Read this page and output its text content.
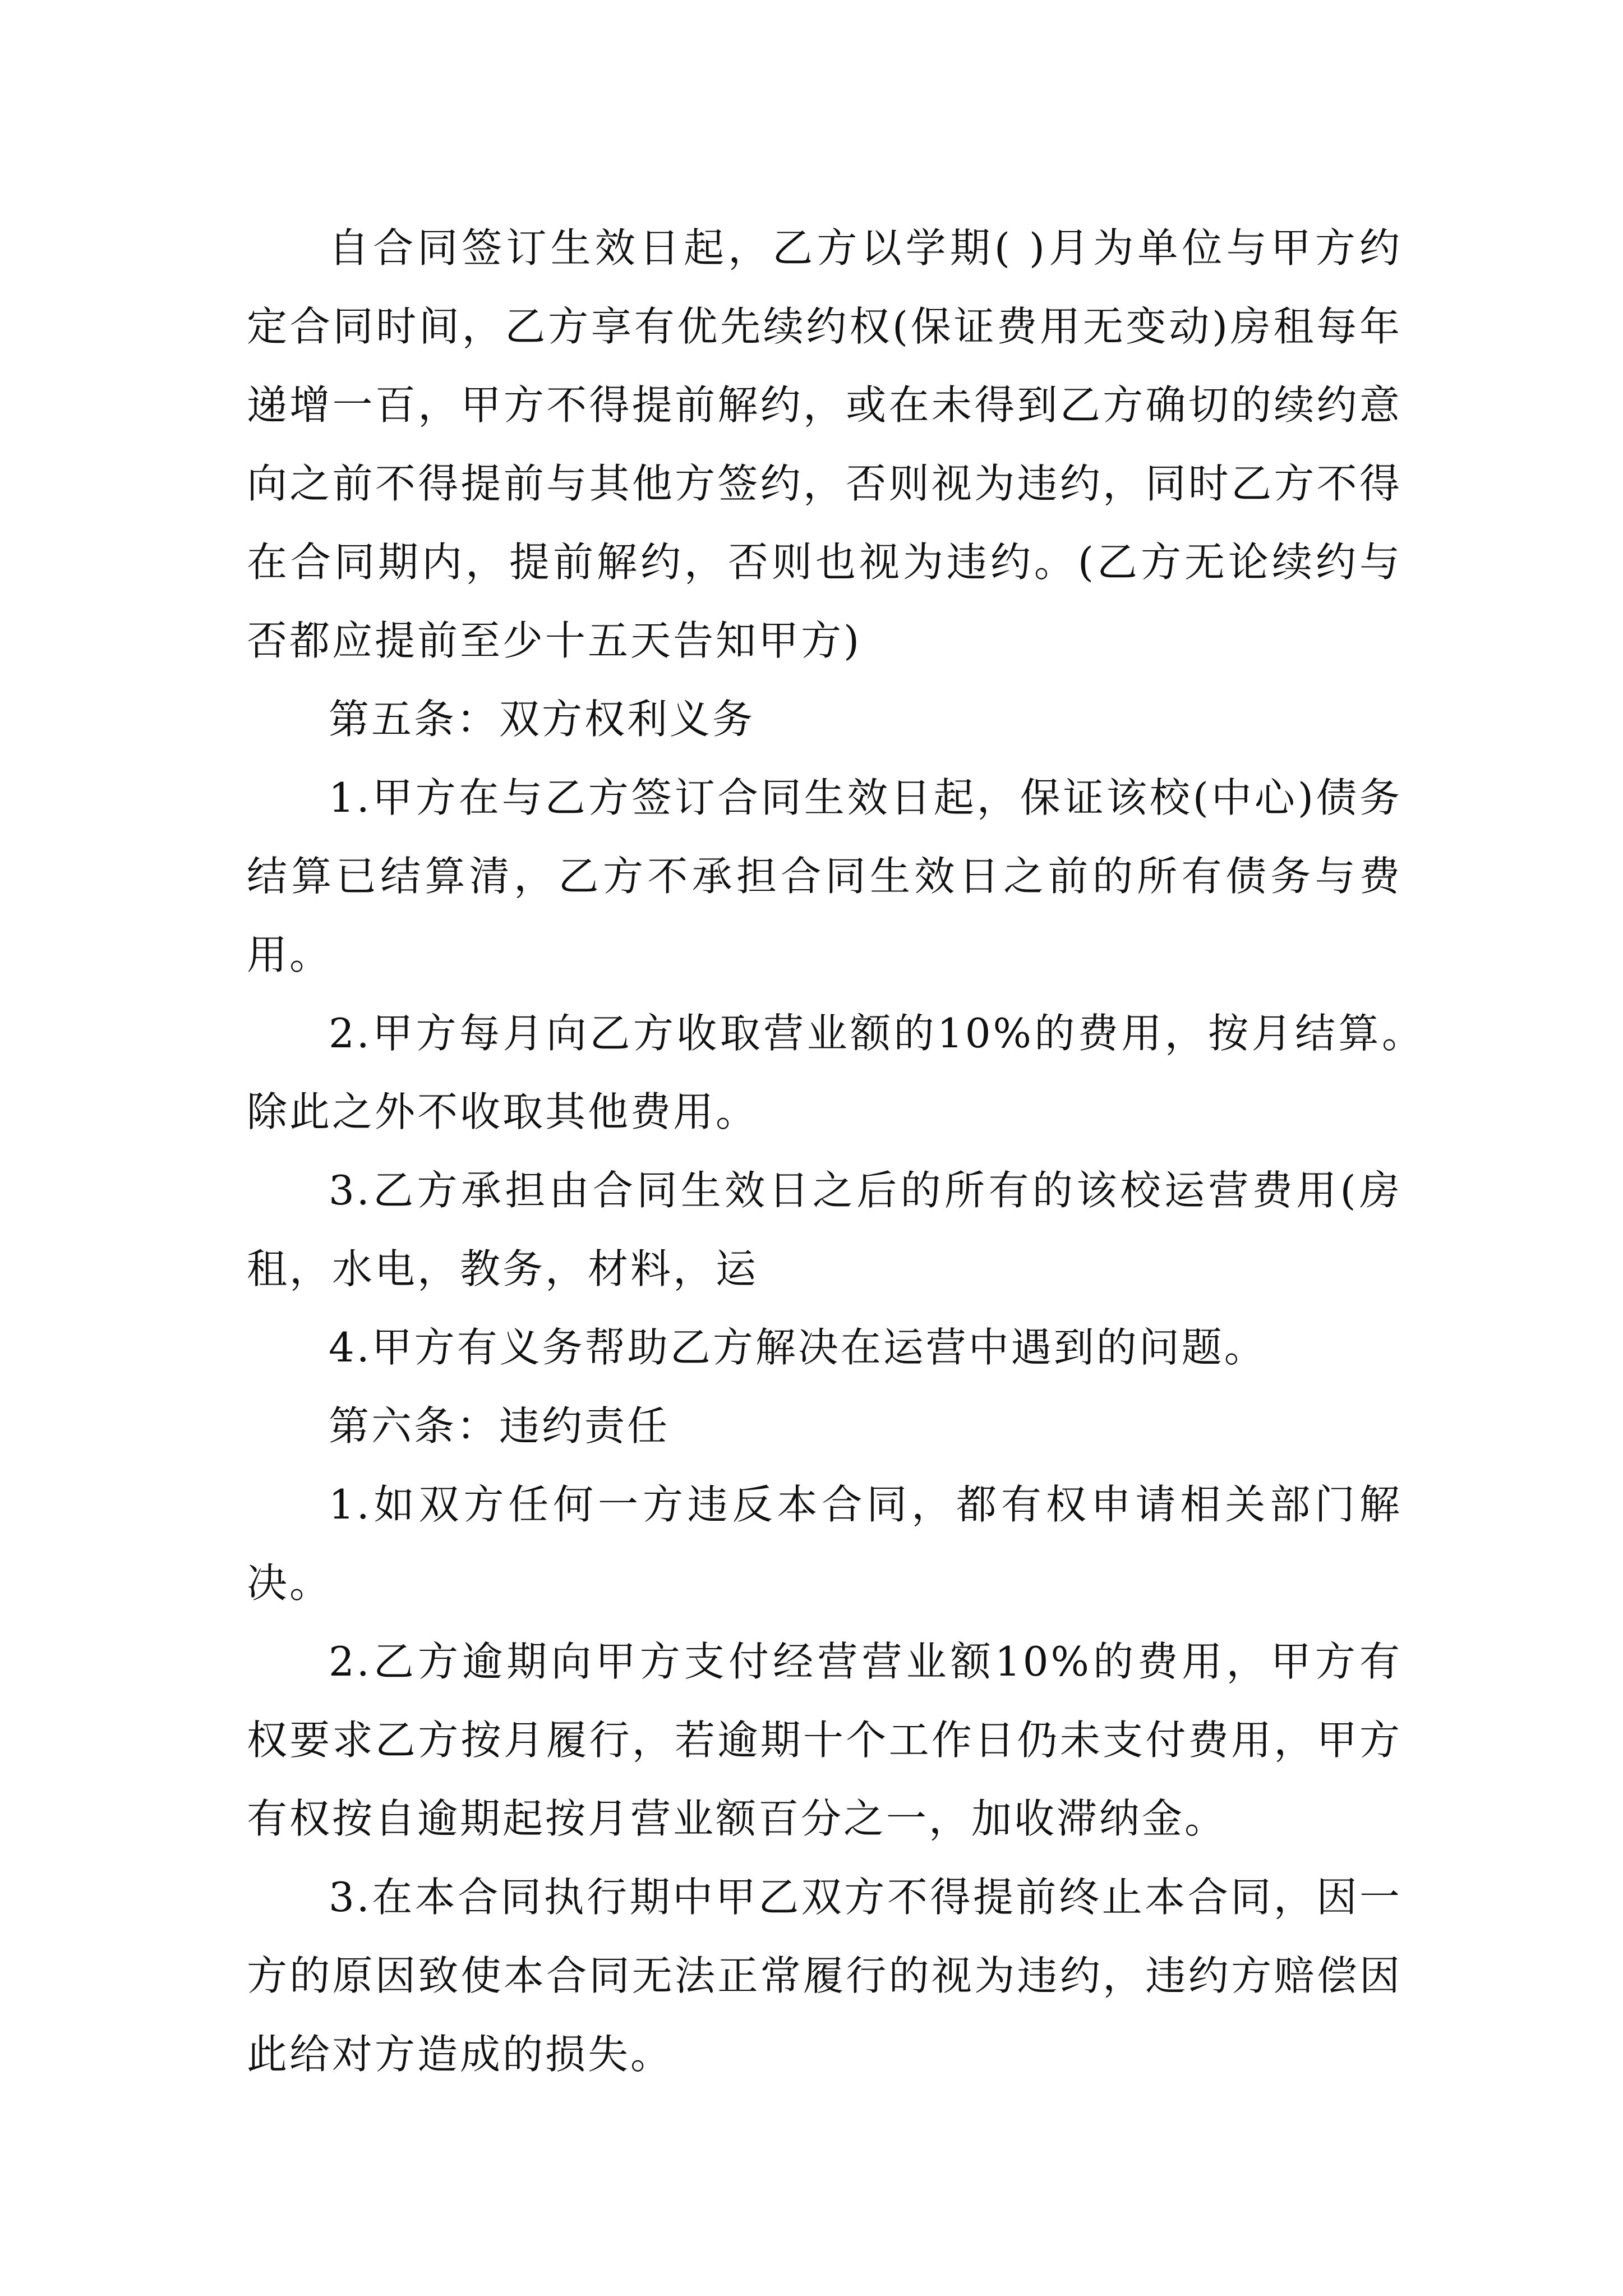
自合同签订生效日起，乙方以学期( )月为单位与甲方约定合同时间，乙方享有优先续约权(保证费用无变动)房租每年递增一百，甲方不得提前解约，或在未得到乙方确切的续约意向之前不得提前与其他方签约，否则视为违约，同时乙方不得在合同期内，提前解约，否则也视为违约。(乙方无论续约与否都应提前至少十五天告知甲方)

第五条：双方权利义务

1.甲方在与乙方签订合同生效日起，保证该校(中心)债务结算已结算清，乙方不承担合同生效日之前的所有债务与费用。

2.甲方每月向乙方收取营业额的10%的费用，按月结算。除此之外不收取其他费用。

3.乙方承担由合同生效日之后的所有的该校运营费用(房租，水电，教务，材料，运

4.甲方有义务帮助乙方解决在运营中遇到的问题。

第六条：违约责任

1.如双方任何一方违反本合同，都有权申请相关部门解决。

2.乙方逾期向甲方支付经营营业额10%的费用，甲方有权要求乙方按月履行，若逾期十个工作日仍未支付费用，甲方有权按自逾期起按月营业额百分之一，加收滞纳金。

3.在本合同执行期中甲乙双方不得提前终止本合同，因一方的原因致使本合同无法正常履行的视为违约，违约方赔偿因此给对方造成的损失。
